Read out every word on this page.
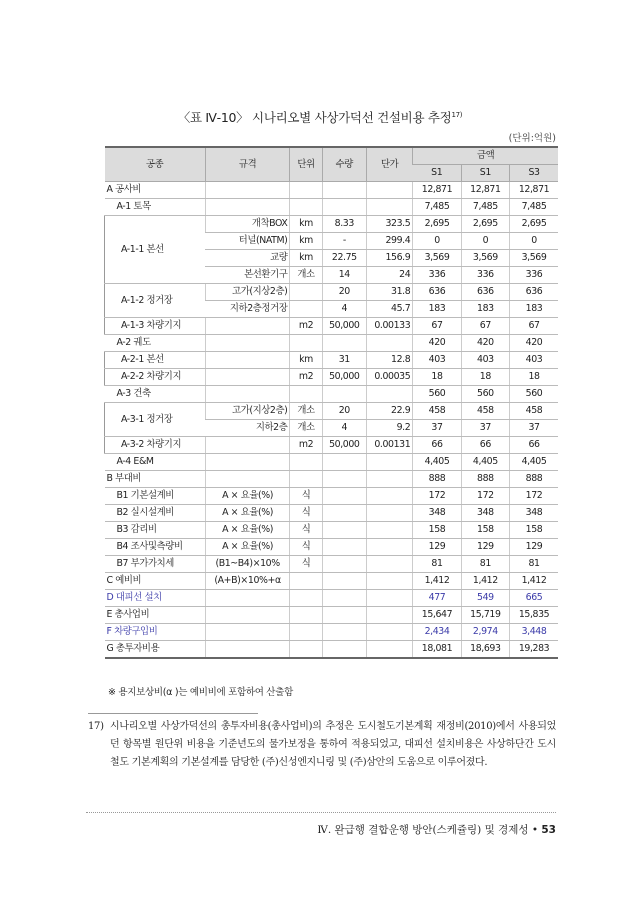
〈표 Ⅳ-10〉 시나리오별 사상가덕선 건설비용 추정$^{17)}$
(단위:억원)
공종	규격	단위	수량	단가	금액		
					S1	S1	S3
A 공사비					12,871	12,871	12,871
A-1 토목					7,485	7,485	7,485
A-1-1 본선	개착BOX	km	8.33	323.5	2,695	2,695	2,695
	터널(NATM)	km	-	299.4	0	0	0
	교량	km	22.75	156.9	3,569	3,569	3,569
	본선환기구	개소	14	24	336	336	336
A-1-2 정거장	고가(지상2층)		20	31.8	636	636	636
	지하2층정거장		4	45.7	183	183	183
A-1-3 차량기지		m2	50,000	0.00133	67	67	67
A-2 궤도					420	420	420
A-2-1 본선		km	31	12.8	403	403	403
A-2-2 차량기지		m2	50,000	0.00035	18	18	18
A-3 건축					560	560	560
A-3-1 정거장	고가(지상2층)	개소	20	22.9	458	458	458
	지하2층	개소	4	9.2	37	37	37
A-3-2 차량기지		m2	50,000	0.00131	66	66	66
A-4 E&M					4,405	4,405	4,405
B 부대비					888	888	888
B1 기본설계비	A × 요율(%)	식			172	172	172
B2 실시설계비	A × 요율(%)	식			348	348	348
B3 감리비	A × 요율(%)	식			158	158	158
B4 조사및측량비	A × 요율(%)	식			129	129	129
B7 부가가치세	(B1~B4)×10%	식			81	81	81
C 예비비	(A+B)×10%+α				1,412	1,412	1,412
D 대피선 설치					477	549	665
E 총사업비					15,647	15,719	15,835
F 차량구입비					2,434	2,974	3,448
G 총투자비용					18,081	18,693	19,283
※ 용지보상비(α )는 예비비에 포함하여 산출함
17) 시나리오별 사상가덕선의 총투자비용(총사업비)의 추정은 도시철도기본계획 재정비(2010)에서 사용되었던 항목별 원단위 비용을 기준년도의 물가보정을 통하여 적용되었고, 대피선 설치비용은 사상하단간 도시철도 기본계획의 기본설계를 담당한 (주)신성엔지니링 및 (주)삼안의 도움으로 이루어졌다.
Ⅳ. 완급행 결합운행 방안(스케쥴링) 및 경제성 • 53
